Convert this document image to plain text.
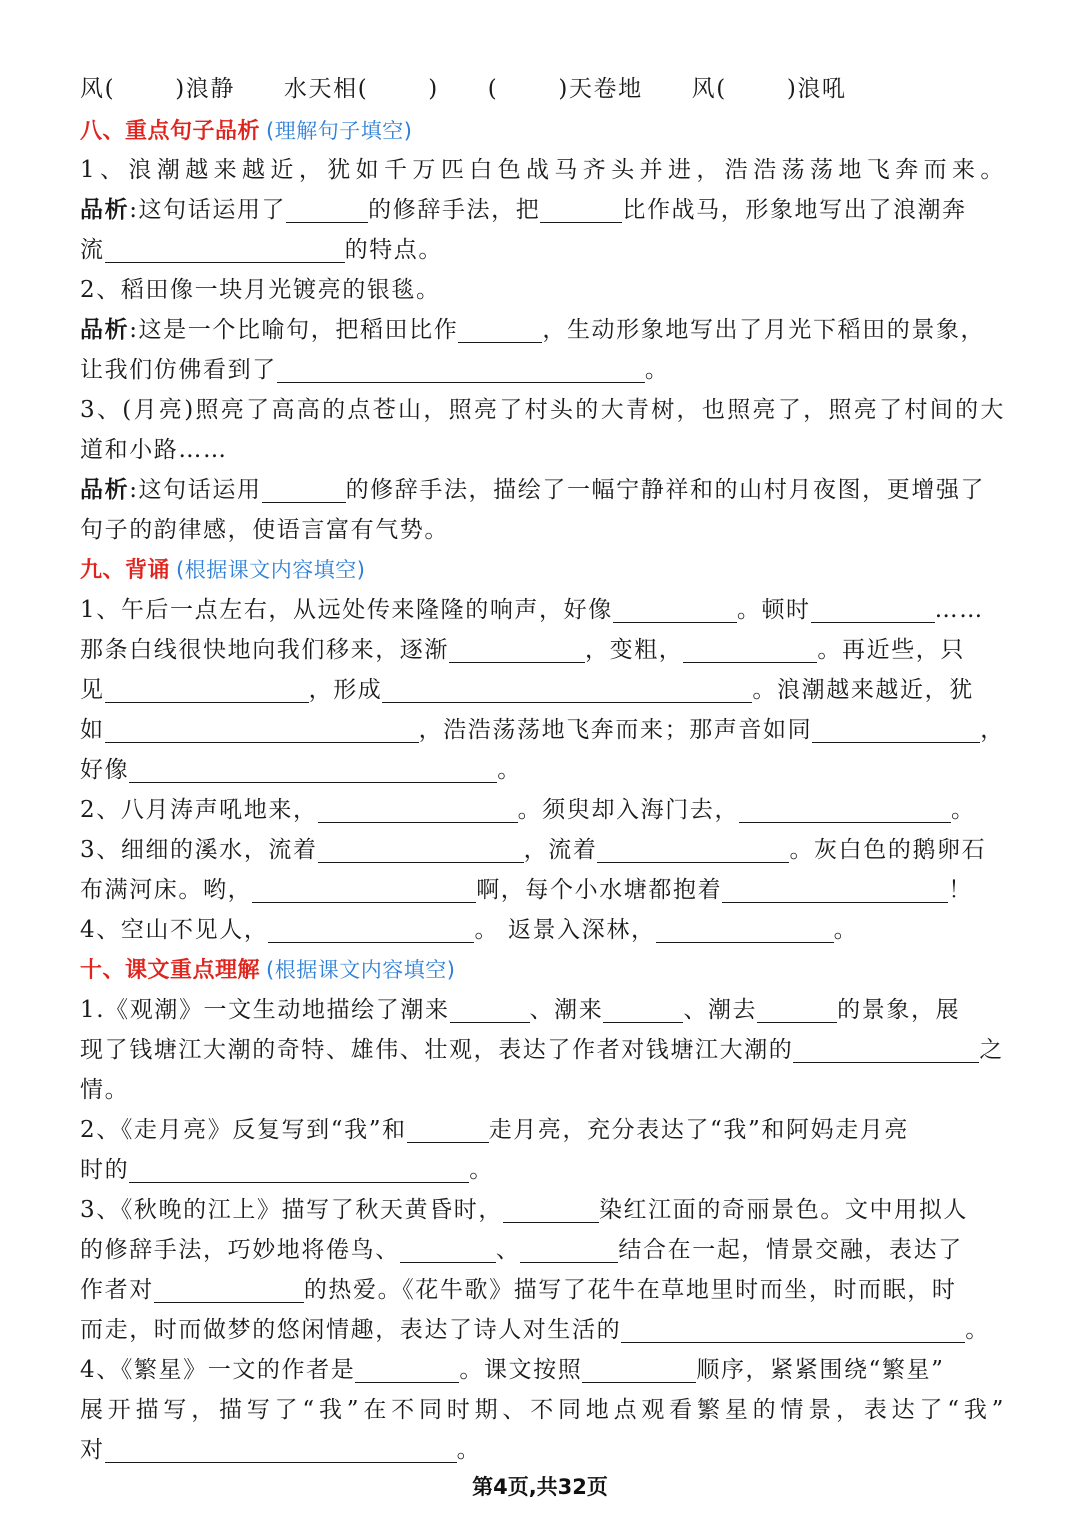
风(	)浪静 水天相(	) (	)天卷地 风(	)浪吼
八、重点句子品析 (理解句子填空)
1、浪潮越来越近，犹如千万匹白色战马齐头并进，浩浩荡荡地飞奔而来。
品析:这句话运用了	的修辞手法，把	比作战马，形象地写出了浪潮奔
流	的特点。
2、稻田像一块月光镀亮的银毯。
品析:这是一个比喻句，把稻田比作	，生动形象地写出了月光下稻田的景象，
让我们仿佛看到了	。
3、(月亮)照亮了高高的点苍山，照亮了村头的大青树，也照亮了，照亮了村间的大
道和小路……
品析:这句话运用	的修辞手法，描绘了一幅宁静祥和的山村月夜图，更增强了
句子的韵律感，使语言富有气势。
九、背诵 (根据课文内容填空)
1、午后一点左右，从远处传来隆隆的响声，好像	。顿时	……
那条白线很快地向我们移来，逐渐	，变粗，	。再近些，只
见	，形成	。浪潮越来越近，犹
如	，浩浩荡荡地飞奔而来；那声音如同	，
好像	。
2、八月涛声吼地来，	。须臾却入海门去，	。
3、细细的溪水，流着	，流着	。灰白色的鹅卵石
布满河床。哟，	啊，每个小水塘都抱着	！
4、空山不见人，	。 返景入深林，	。
十、课文重点理解 (根据课文内容填空)
1.《观潮》一文生动地描绘了潮来	、潮来	、潮去	的景象，展
现了钱塘江大潮的奇特、雄伟、壮观，表达了作者对钱塘江大潮的	之
情。
2、《走月亮》反复写到“我”和	走月亮，充分表达了“我”和阿妈走月亮
时的	。
3、《秋晚的江上》描写了秋天黄昏时，	染红江面的奇丽景色。文中用拟人
的修辞手法，巧妙地将倦鸟、	、	结合在一起，情景交融，表达了
作者对	的热爱。《花牛歌》描写了花牛在草地里时而坐，时而眠，时
而走，时而做梦的悠闲情趣，表达了诗人对生活的	。
4、《繁星》一文的作者是	。课文按照	顺序，紧紧围绕“繁星”
展开描写，描写了“我”在不同时期、不同地点观看繁星的情景，表达了“我”
对	。
第4页,共32页
